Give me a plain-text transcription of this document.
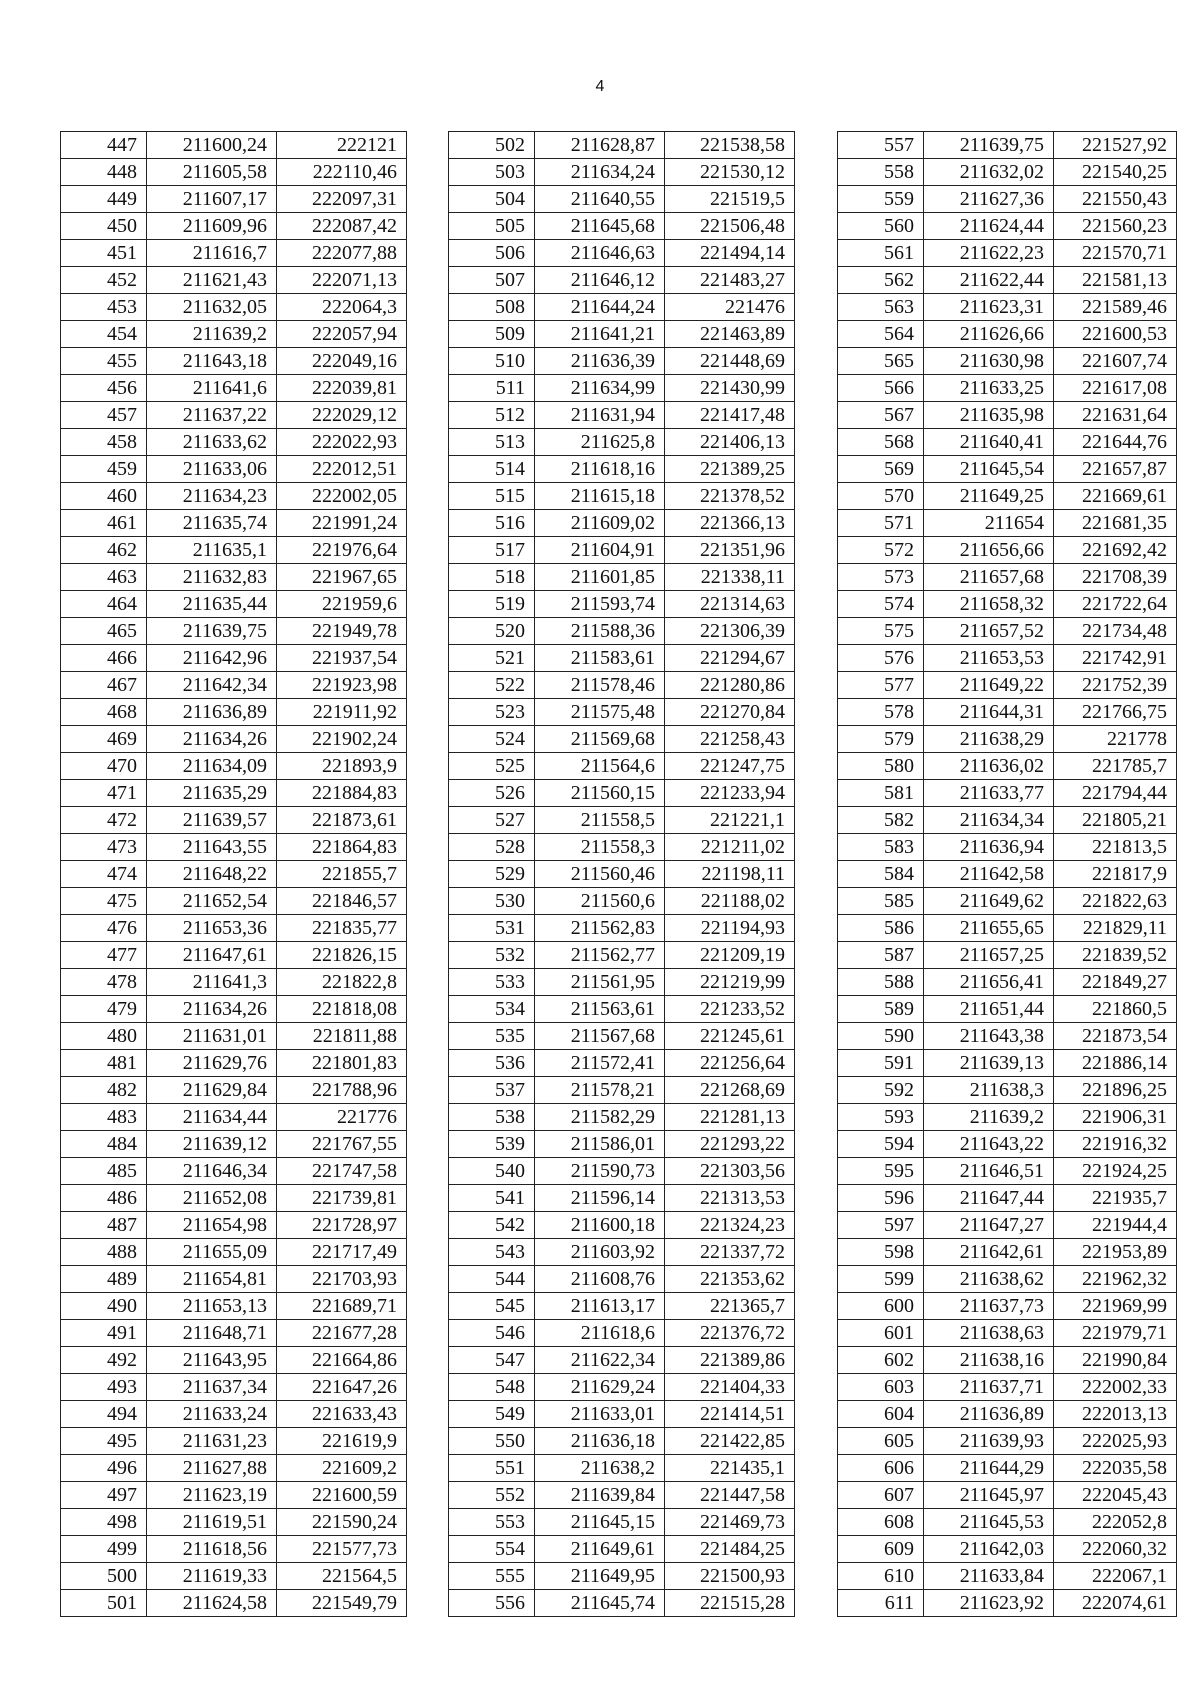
4
447	211600,24	222121
448	211605,58	222110,46
449	211607,17	222097,31
450	211609,96	222087,42
451	211616,7	222077,88
452	211621,43	222071,13
453	211632,05	222064,3
454	211639,2	222057,94
455	211643,18	222049,16
456	211641,6	222039,81
457	211637,22	222029,12
458	211633,62	222022,93
459	211633,06	222012,51
460	211634,23	222002,05
461	211635,74	221991,24
462	211635,1	221976,64
463	211632,83	221967,65
464	211635,44	221959,6
465	211639,75	221949,78
466	211642,96	221937,54
467	211642,34	221923,98
468	211636,89	221911,92
469	211634,26	221902,24
470	211634,09	221893,9
471	211635,29	221884,83
472	211639,57	221873,61
473	211643,55	221864,83
474	211648,22	221855,7
475	211652,54	221846,57
476	211653,36	221835,77
477	211647,61	221826,15
478	211641,3	221822,8
479	211634,26	221818,08
480	211631,01	221811,88
481	211629,76	221801,83
482	211629,84	221788,96
483	211634,44	221776
484	211639,12	221767,55
485	211646,34	221747,58
486	211652,08	221739,81
487	211654,98	221728,97
488	211655,09	221717,49
489	211654,81	221703,93
490	211653,13	221689,71
491	211648,71	221677,28
492	211643,95	221664,86
493	211637,34	221647,26
494	211633,24	221633,43
495	211631,23	221619,9
496	211627,88	221609,2
497	211623,19	221600,59
498	211619,51	221590,24
499	211618,56	221577,73
500	211619,33	221564,5
501	211624,58	221549,79
502	211628,87	221538,58
503	211634,24	221530,12
504	211640,55	221519,5
505	211645,68	221506,48
506	211646,63	221494,14
507	211646,12	221483,27
508	211644,24	221476
509	211641,21	221463,89
510	211636,39	221448,69
511	211634,99	221430,99
512	211631,94	221417,48
513	211625,8	221406,13
514	211618,16	221389,25
515	211615,18	221378,52
516	211609,02	221366,13
517	211604,91	221351,96
518	211601,85	221338,11
519	211593,74	221314,63
520	211588,36	221306,39
521	211583,61	221294,67
522	211578,46	221280,86
523	211575,48	221270,84
524	211569,68	221258,43
525	211564,6	221247,75
526	211560,15	221233,94
527	211558,5	221221,1
528	211558,3	221211,02
529	211560,46	221198,11
530	211560,6	221188,02
531	211562,83	221194,93
532	211562,77	221209,19
533	211561,95	221219,99
534	211563,61	221233,52
535	211567,68	221245,61
536	211572,41	221256,64
537	211578,21	221268,69
538	211582,29	221281,13
539	211586,01	221293,22
540	211590,73	221303,56
541	211596,14	221313,53
542	211600,18	221324,23
543	211603,92	221337,72
544	211608,76	221353,62
545	211613,17	221365,7
546	211618,6	221376,72
547	211622,34	221389,86
548	211629,24	221404,33
549	211633,01	221414,51
550	211636,18	221422,85
551	211638,2	221435,1
552	211639,84	221447,58
553	211645,15	221469,73
554	211649,61	221484,25
555	211649,95	221500,93
556	211645,74	221515,28
557	211639,75	221527,92
558	211632,02	221540,25
559	211627,36	221550,43
560	211624,44	221560,23
561	211622,23	221570,71
562	211622,44	221581,13
563	211623,31	221589,46
564	211626,66	221600,53
565	211630,98	221607,74
566	211633,25	221617,08
567	211635,98	221631,64
568	211640,41	221644,76
569	211645,54	221657,87
570	211649,25	221669,61
571	211654	221681,35
572	211656,66	221692,42
573	211657,68	221708,39
574	211658,32	221722,64
575	211657,52	221734,48
576	211653,53	221742,91
577	211649,22	221752,39
578	211644,31	221766,75
579	211638,29	221778
580	211636,02	221785,7
581	211633,77	221794,44
582	211634,34	221805,21
583	211636,94	221813,5
584	211642,58	221817,9
585	211649,62	221822,63
586	211655,65	221829,11
587	211657,25	221839,52
588	211656,41	221849,27
589	211651,44	221860,5
590	211643,38	221873,54
591	211639,13	221886,14
592	211638,3	221896,25
593	211639,2	221906,31
594	211643,22	221916,32
595	211646,51	221924,25
596	211647,44	221935,7
597	211647,27	221944,4
598	211642,61	221953,89
599	211638,62	221962,32
600	211637,73	221969,99
601	211638,63	221979,71
602	211638,16	221990,84
603	211637,71	222002,33
604	211636,89	222013,13
605	211639,93	222025,93
606	211644,29	222035,58
607	211645,97	222045,43
608	211645,53	222052,8
609	211642,03	222060,32
610	211633,84	222067,1
611	211623,92	222074,61
